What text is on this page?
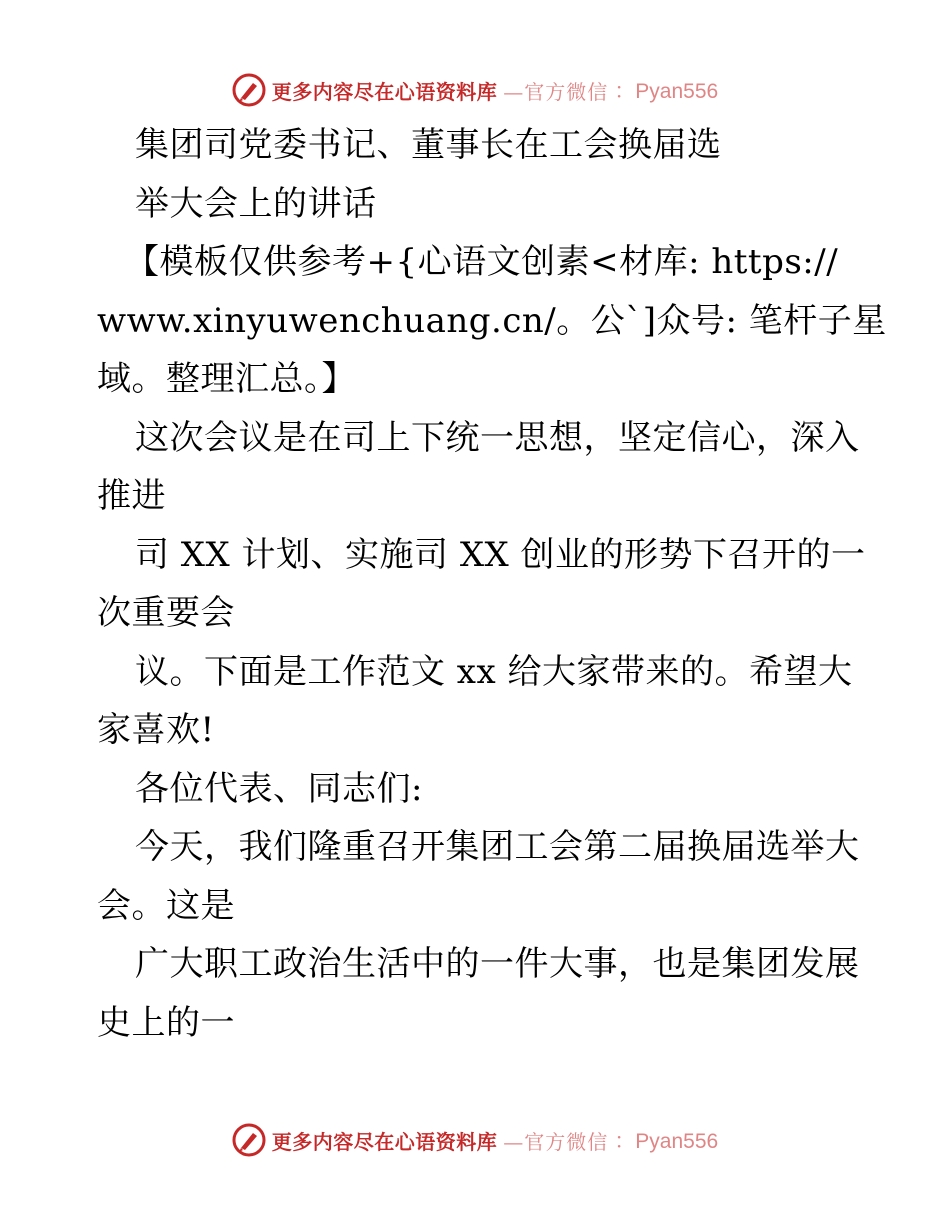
更多内容尽在心语资料库 —官方微信 ：Pyan556
集团司党委书记、董事长在工会换届选
举大会上的讲话
【模板仅供参考+{心语文创素<材库: https://
www.xinyuwenchuang.cn/。公`]众号: 笔杆子星
域。整理汇总。】
这次会议是在司上下统一思想，坚定信心，深入
推进
司 XX 计划、实施司 XX 创业的形势下召开的一
次重要会
议。下面是工作范文 xx 给大家带来的。希望大
家喜欢!
各位代表、同志们:
今天，我们隆重召开集团工会第二届换届选举大
会。这是
广大职工政治生活中的一件大事，也是集团发展
史上的一
更多内容尽在心语资料库 —官方微信 ：Pyan556
